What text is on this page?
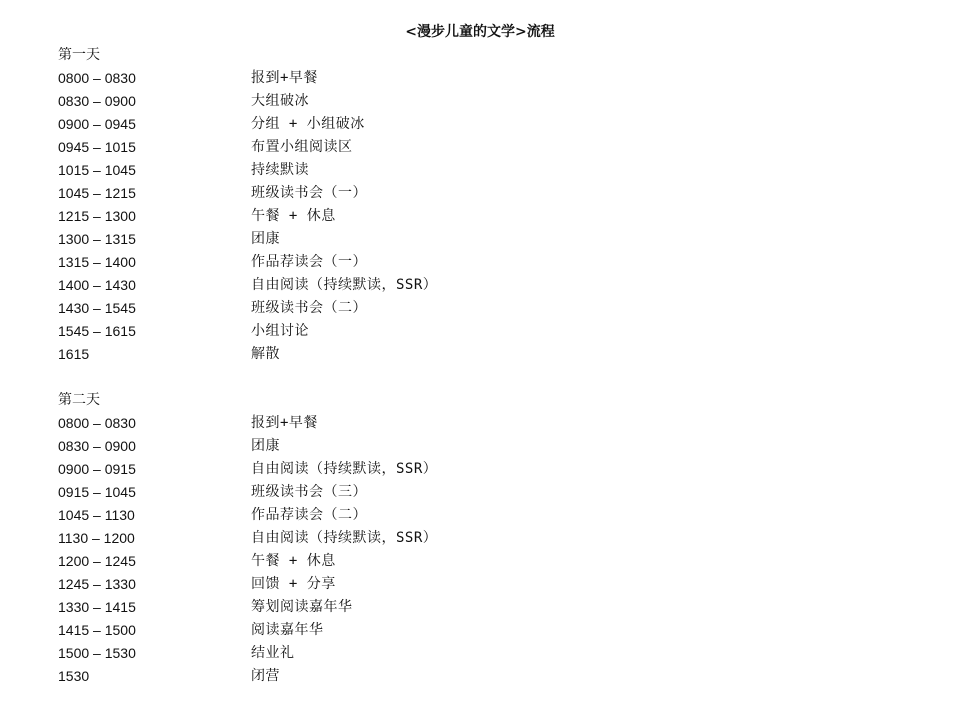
<漫步儿童的文学>流程
第一天
0800 – 0830	报到+早餐
0830 – 0900	大组破冰
0900 – 0945	分组 + 小组破冰
0945 – 1015	布置小组阅读区
1015 – 1045	持续默读
1045 – 1215	班级读书会（一）
1215 – 1300	午餐 + 休息
1300 – 1315	团康
1315 – 1400	作品荐读会（一）
1400 – 1430	自由阅读（持续默读，SSR）
1430 – 1545	班级读书会（二）
1545 – 1615	小组讨论
1615	解散
第二天
0800 – 0830	报到+早餐
0830 – 0900	团康
0900 – 0915	自由阅读（持续默读，SSR）
0915 – 1045	班级读书会（三）
1045 – 1130	作品荐读会（二）
1130 – 1200	自由阅读（持续默读，SSR）
1200 – 1245	午餐 + 休息
1245 – 1330	回馈 + 分享
1330 – 1415	筹划阅读嘉年华
1415 – 1500	阅读嘉年华
1500 – 1530	结业礼
1530	闭营
